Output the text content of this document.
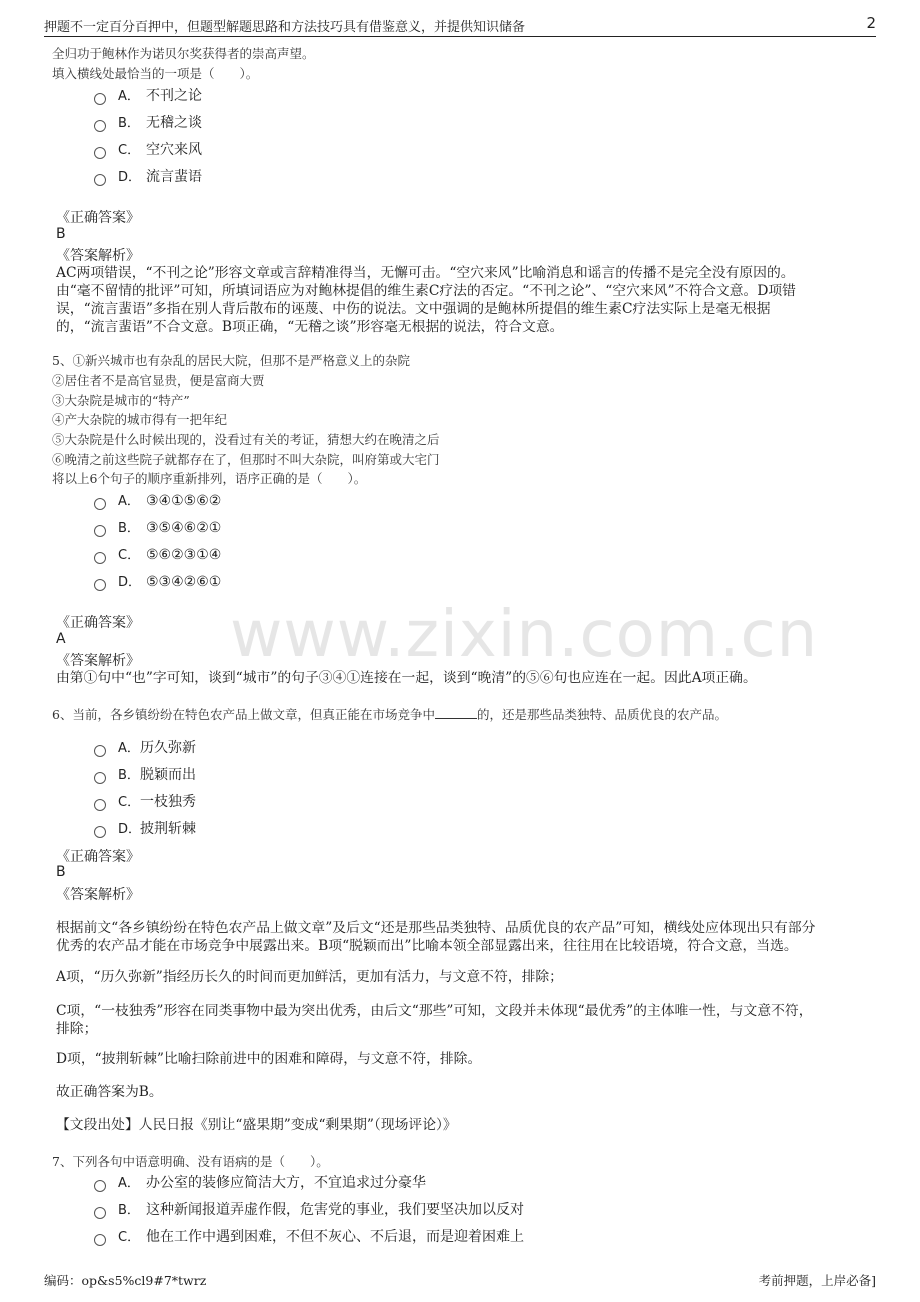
押题不一定百分百押中，但题型解题思路和方法技巧具有借鉴意义，并提供知识储备	2
www.zixin.com.cn
全归功于鲍林作为诺贝尔奖获得者的崇高声望。
填入横线处最恰当的一项是（　　）。
A． 不刊之论
B． 无稽之谈
C． 空穴来风
D． 流言蜚语
《正确答案》
B
《答案解析》
AC两项错误，“不刊之论”形容文章或言辞精准得当，无懈可击。“空穴来风”比喻消息和谣言的传播不是完全没有原因的。
由“毫不留情的批评”可知，所填词语应为对鲍林提倡的维生素C疗法的否定。“不刊之论”、“空穴来风”不符合文意。D项错
误，“流言蜚语”多指在别人背后散布的诬蔑、中伤的说法。文中强调的是鲍林所提倡的维生素C疗法实际上是毫无根据
的，“流言蜚语”不合文意。B项正确，“无稽之谈”形容毫无根据的说法，符合文意。
5、①新兴城市也有杂乱的居民大院，但那不是严格意义上的杂院
②居住者不是高官显贵，便是富商大贾
③大杂院是城市的“特产”
④产大杂院的城市得有一把年纪
⑤大杂院是什么时候出现的，没看过有关的考证，猜想大约在晚清之后
⑥晚清之前这些院子就都存在了，但那时不叫大杂院，叫府第或大宅门
将以上6个句子的顺序重新排列，语序正确的是（　　）。
A． ③④①⑤⑥②
B． ③⑤④⑥②①
C． ⑤⑥②③①④
D． ⑤③④②⑥①
《正确答案》
A
《答案解析》
由第①句中“也”字可知，谈到“城市”的句子③④①连接在一起，谈到“晚清”的⑤⑥句也应连在一起。因此A项正确。
6、当前，各乡镇纷纷在特色农产品上做文章，但真正能在市场竞争中	的，还是那些品类独特、品质优良的农产品。
A．历久弥新
B．脱颖而出
C．一枝独秀
D．披荆斩棘
《正确答案》
B
《答案解析》
根据前文“各乡镇纷纷在特色农产品上做文章”及后文“还是那些品类独特、品质优良的农产品”可知，横线处应体现出只有部分
优秀的农产品才能在市场竞争中展露出来。B项“脱颖而出”比喻本领全部显露出来，往往用在比较语境，符合文意，当选。
A项，“历久弥新”指经历长久的时间而更加鲜活，更加有活力，与文意不符，排除；
C项，“一枝独秀”形容在同类事物中最为突出优秀，由后文“那些”可知，文段并未体现“最优秀”的主体唯一性，与文意不符，
排除；
D项，“披荆斩棘”比喻扫除前进中的困难和障碍，与文意不符，排除。
故正确答案为B。
【文段出处】人民日报《别让“盛果期”变成“剩果期”（现场评论）》
7、下列各句中语意明确、没有语病的是（　　）。
A． 办公室的装修应简洁大方，不宜追求过分豪华
B． 这种新闻报道弄虚作假，危害党的事业，我们要坚决加以反对
C． 他在工作中遇到困难，不但不灰心、不后退，而是迎着困难上
编码：op&s5%cl9#7*twrz	考前押题，上岸必备]
